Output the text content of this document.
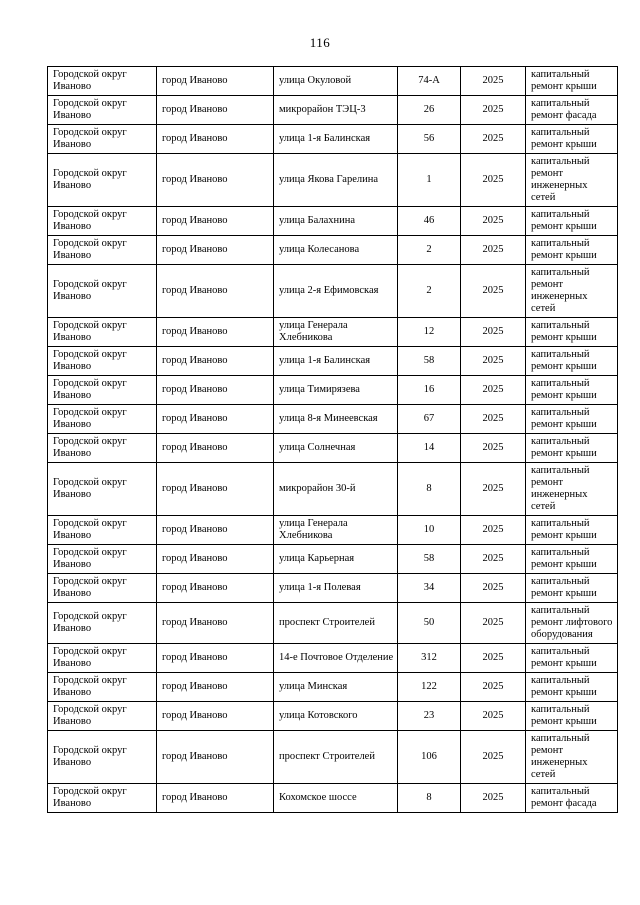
116
Городской округ Иваново	город Иваново	улица Окуловой	74-А	2025	капитальный ремонт крыши
Городской округ Иваново	город Иваново	микрорайон ТЭЦ-3	26	2025	капитальный ремонт фасада
Городской округ Иваново	город Иваново	улица 1-я Балинская	56	2025	капитальный ремонт крыши
Городской округ Иваново	город Иваново	улица Якова Гарелина	1	2025	капитальный ремонт инженерных сетей
Городской округ Иваново	город Иваново	улица Балахнина	46	2025	капитальный ремонт крыши
Городской округ Иваново	город Иваново	улица Колесанова	2	2025	капитальный ремонт крыши
Городской округ Иваново	город Иваново	улица 2-я Ефимовская	2	2025	капитальный ремонт инженерных сетей
Городской округ Иваново	город Иваново	улица Генерала Хлебникова	12	2025	капитальный ремонт крыши
Городской округ Иваново	город Иваново	улица 1-я Балинская	58	2025	капитальный ремонт крыши
Городской округ Иваново	город Иваново	улица Тимирязева	16	2025	капитальный ремонт крыши
Городской округ Иваново	город Иваново	улица 8-я Минеевская	67	2025	капитальный ремонт крыши
Городской округ Иваново	город Иваново	улица Солнечная	14	2025	капитальный ремонт крыши
Городской округ Иваново	город Иваново	микрорайон 30-й	8	2025	капитальный ремонт инженерных сетей
Городской округ Иваново	город Иваново	улица Генерала Хлебникова	10	2025	капитальный ремонт крыши
Городской округ Иваново	город Иваново	улица Карьерная	58	2025	капитальный ремонт крыши
Городской округ Иваново	город Иваново	улица 1-я Полевая	34	2025	капитальный ремонт крыши
Городской округ Иваново	город Иваново	проспект Строителей	50	2025	капитальный ремонт лифтового оборудования
Городской округ Иваново	город Иваново	14-е Почтовое Отделение	312	2025	капитальный ремонт крыши
Городской округ Иваново	город Иваново	улица Минская	122	2025	капитальный ремонт крыши
Городской округ Иваново	город Иваново	улица Котовского	23	2025	капитальный ремонт крыши
Городской округ Иваново	город Иваново	проспект Строителей	106	2025	капитальный ремонт инженерных сетей
Городской округ Иваново	город Иваново	Кохомское шоссе	8	2025	капитальный ремонт фасада
